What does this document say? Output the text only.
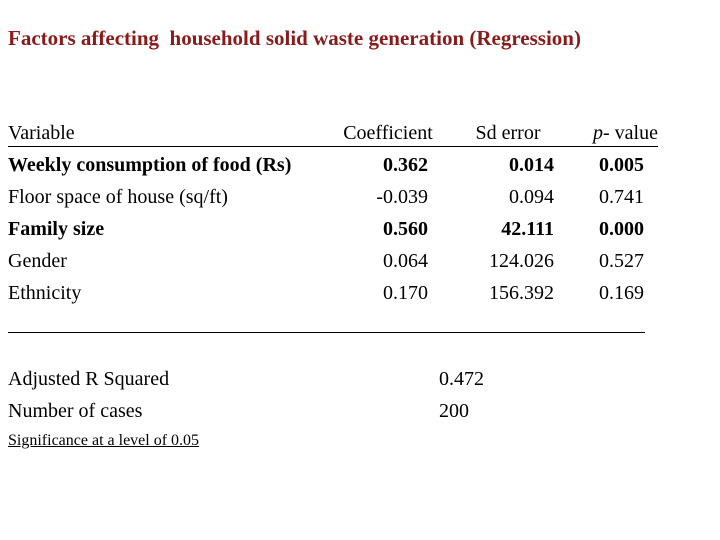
Factors affecting  household solid waste generation (Regression)
Variable	Coefficient	Sd error	p- value
Weekly consumption of food (Rs)	0.362	0.014	0.005
Floor space of house (sq/ft)	-0.039	0.094	0.741
Family size	0.560	42.111	0.000
Gender	0.064	124.026	0.527
Ethnicity	0.170	156.392	0.169
Adjusted R Squared	0.472
Number of cases	200
Significance at a level of 0.05
